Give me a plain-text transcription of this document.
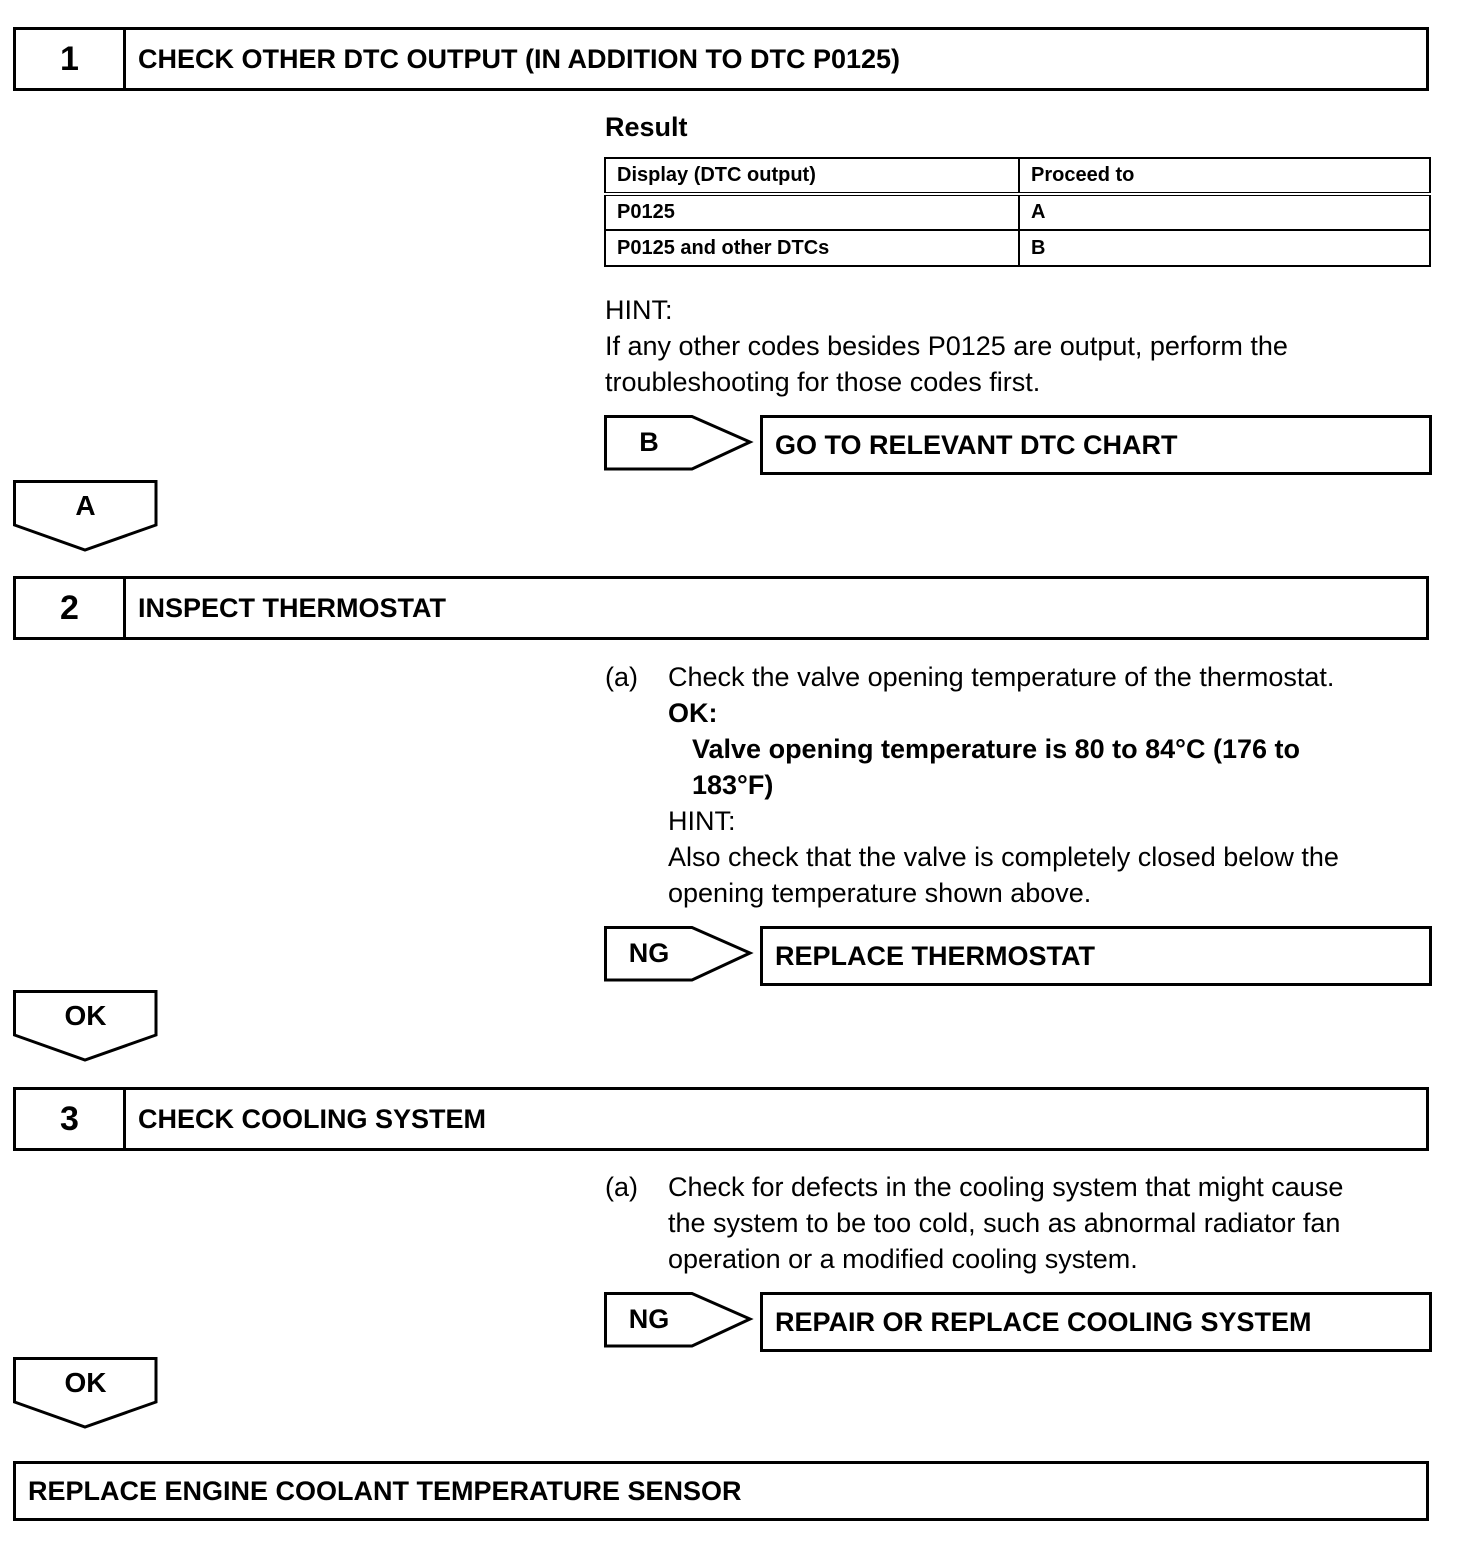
1	CHECK OTHER DTC OUTPUT (IN ADDITION TO DTC P0125)
Result
Display (DTC output)	Proceed to
P0125	A
P0125 and other DTCs	B
HINT:
If any other codes besides P0125 are output, perform the
troubleshooting for those codes first.
B	GO TO RELEVANT DTC CHART
A
2	INSPECT THERMOSTAT
(a) Check the valve opening temperature of the thermostat.
OK:
Valve opening temperature is 80 to 84°C (176 to
183°F)
HINT:
Also check that the valve is completely closed below the
opening temperature shown above.
NG	REPLACE THERMOSTAT
OK
3	CHECK COOLING SYSTEM
(a) Check for defects in the cooling system that might cause
the system to be too cold, such as abnormal radiator fan
operation or a modified cooling system.
NG	REPAIR OR REPLACE COOLING SYSTEM
OK
REPLACE ENGINE COOLANT TEMPERATURE SENSOR
